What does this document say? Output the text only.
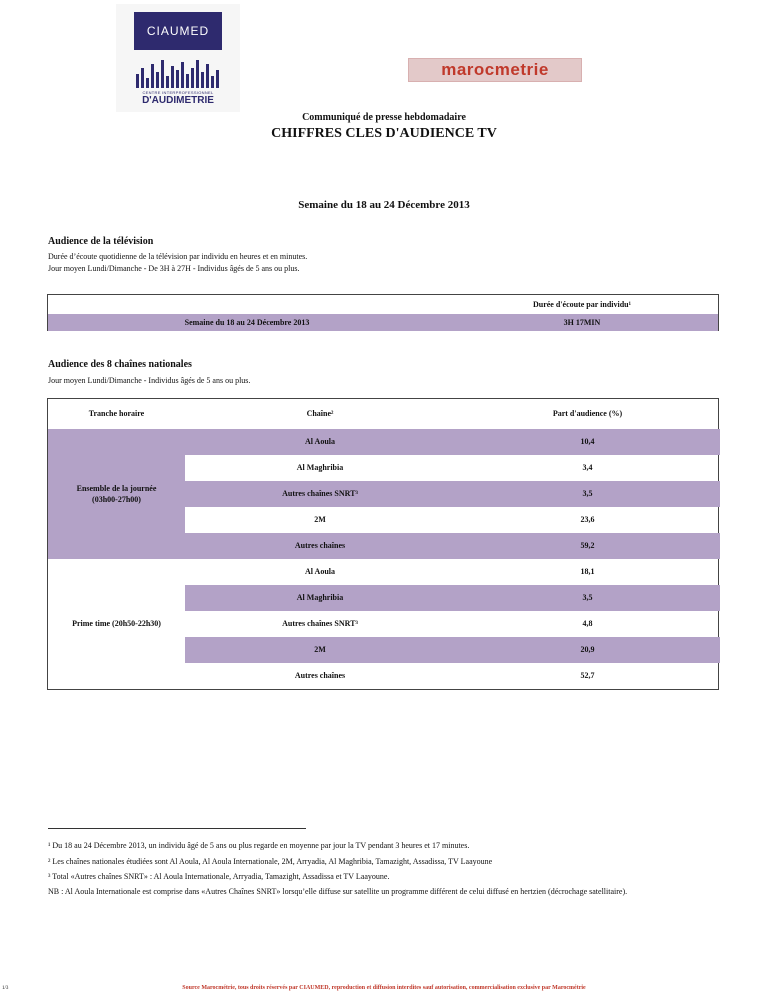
CIAUMED
CENTRE INTERPROFESSIONNEL
D'AUDIMETRIE
marocmetrie
Communiqué de presse hebdomadaire
CHIFFRES CLES D'AUDIENCE TV
Semaine du 18 au 24 Décembre 2013
Audience de la télévision
Durée d’écoute quotidienne de la télévision par individu en heures et en minutes.
Jour moyen Lundi/Dimanche - De 3H à 27H - Individus âgés de 5 ans ou plus.
Durée d'écoute par individu¹
Semaine du 18 au 24 Décembre 2013	3H 17MIN
Audience des 8 chaînes nationales
Jour moyen Lundi/Dimanche - Individus âgés de 5 ans ou plus.
Tranche horaire	Chaîne²	Part d'audience (%)
Ensemble de la journée
(03h00-27h00)
Al Aoula	10,4
Al Maghribia	3,4
Autres chaînes SNRT³	3,5
2M	23,6
Autres chaînes	59,2
Prime time (20h50-22h30)
Al Aoula	18,1
Al Maghribia	3,5
Autres chaînes SNRT³	4,8
2M	20,9
Autres chaînes	52,7
¹ Du 18 au 24 Décembre 2013, un individu âgé de 5 ans ou plus regarde en moyenne par jour la TV pendant 3 heures et 17 minutes.
² Les chaînes nationales étudiées sont Al Aoula, Al Aoula Internationale, 2M, Arryadia, Al Maghribia, Tamazight, Assadissa, TV Laayoune
³ Total «Autres chaînes SNRT» : Al Aoula Internationale, Arryadia, Tamazight, Assadissa et TV Laayoune.
NB : Al Aoula Internationale est comprise dans «Autres Chaînes SNRT» lorsqu’elle diffuse sur satellite un programme différent de celui diffusé en hertzien (décrochage satellitaire).
1/3	Source Marocmétrie, tous droits réservés par CIAUMED, reproduction et diffusion interdites sauf autorisation, commercialisation exclusive par Marocmétrie
